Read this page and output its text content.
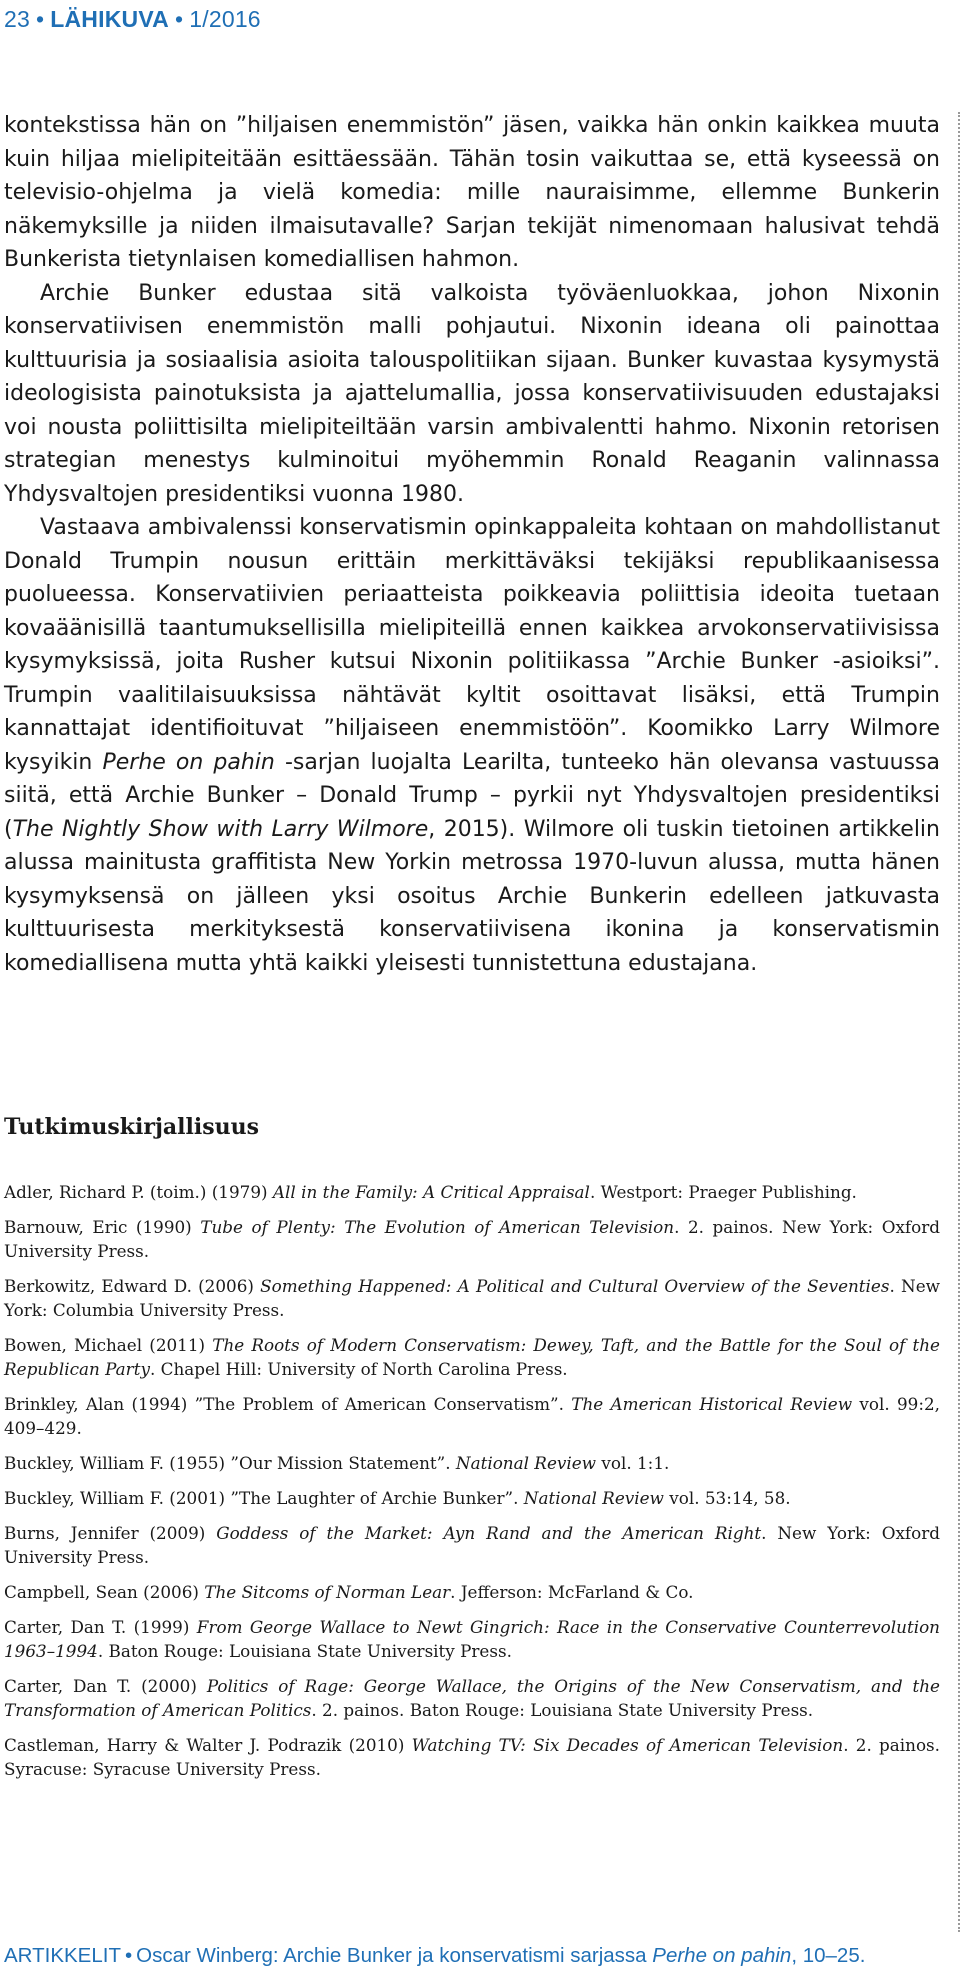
23 • LÄHIKUVA • 1/2016

kontekstissa hän on ”hiljaisen enemmistön” jäsen, vaikka hän onkin kaikkea muuta kuin hiljaa mielipiteitään esittäessään. Tähän tosin vaikuttaa se, että kyseessä on televisio-ohjelma ja vielä komedia: mille nauraisimme, ellemme Bunkerin näkemyksille ja niiden ilmaisutavalle? Sarjan tekijät nimenomaan halusivat tehdä Bunkerista tietynlaisen komediallisen hahmon.

Archie Bunker edustaa sitä valkoista työväenluokkaa, johon Nixonin konservatiivisen enemmistön malli pohjautui. Nixonin ideana oli painottaa kulttuurisia ja sosiaalisia asioita talouspolitiikan sijaan. Bunker kuvastaa kysymystä ideologisista painotuksista ja ajattelumallia, jossa konservatiivisuuden edustajaksi voi nousta poliittisilta mielipiteiltään varsin ambivalentti hahmo. Nixonin retorisen strategian menestys kulminoitui myöhemmin Ronald Reaganin valinnassa Yhdysvaltojen presidentiksi vuonna 1980.

Vastaava ambivalenssi konservatismin opinkappaleita kohtaan on mahdollistanut Donald Trumpin nousun erittäin merkittäväksi tekijäksi republikaanisessa puolueessa. Konservatiivien periaatteista poikkeavia poliittisia ideoita tuetaan kovaäänisillä taantumuksellisilla mielipiteillä ennen kaikkea arvokonservatiivisissa kysymyksissä, joita Rusher kutsui Nixonin politiikassa ”Archie Bunker -asioiksi”. Trumpin vaalitilaisuuksissa nähtävät kyltit osoittavat lisäksi, että Trumpin kannattajat identifioituvat ”hiljaiseen enemmistöön”. Koomikko Larry Wilmore kysyikin Perhe on pahin -sarjan luojalta Learilta, tunteeko hän olevansa vastuussa siitä, että Archie Bunker – Donald Trump – pyrkii nyt Yhdysvaltojen presidentiksi (The Nightly Show with Larry Wilmore, 2015). Wilmore oli tuskin tietoinen artikkelin alussa mainitusta graffitista New Yorkin metrossa 1970-luvun alussa, mutta hänen kysymyksensä on jälleen yksi osoitus Archie Bunkerin edelleen jatkuvasta kulttuurisesta merkityksestä konservatiivisena ikonina ja konservatismin komediallisena mutta yhtä kaikki yleisesti tunnistettuna edustajana.

Tutkimuskirjallisuus
Adler, Richard P. (toim.) (1979) All in the Family: A Critical Appraisal. Westport: Praeger Publishing.
Barnouw, Eric (1990) Tube of Plenty: The Evolution of American Television. 2. painos. New York: Oxford University Press.
Berkowitz, Edward D. (2006) Something Happened: A Political and Cultural Overview of the Seventies. New York: Columbia University Press.
Bowen, Michael (2011) The Roots of Modern Conservatism: Dewey, Taft, and the Battle for the Soul of the Republican Party. Chapel Hill: University of North Carolina Press.
Brinkley, Alan (1994) ”The Problem of American Conservatism”. The American Historical Review vol. 99:2, 409–429.
Buckley, William F. (1955) ”Our Mission Statement”. National Review vol. 1:1.
Buckley, William F. (2001) ”The Laughter of Archie Bunker”. National Review vol. 53:14, 58.
Burns, Jennifer (2009) Goddess of the Market: Ayn Rand and the American Right. New York: Oxford University Press.
Campbell, Sean (2006) The Sitcoms of Norman Lear. Jefferson: McFarland & Co.
Carter, Dan T. (1999) From George Wallace to Newt Gingrich: Race in the Conservative Counterrevolution 1963–1994. Baton Rouge: Louisiana State University Press.
Carter, Dan T. (2000) Politics of Rage: George Wallace, the Origins of the New Conservatism, and the Transformation of American Politics. 2. painos. Baton Rouge: Louisiana State University Press.
Castleman, Harry & Walter J. Podrazik (2010) Watching TV: Six Decades of American Television. 2. painos. Syracuse: Syracuse University Press.
ARTIKKELIT • Oscar Winberg: Archie Bunker ja konservatismi sarjassa Perhe on pahin, 10–25.
